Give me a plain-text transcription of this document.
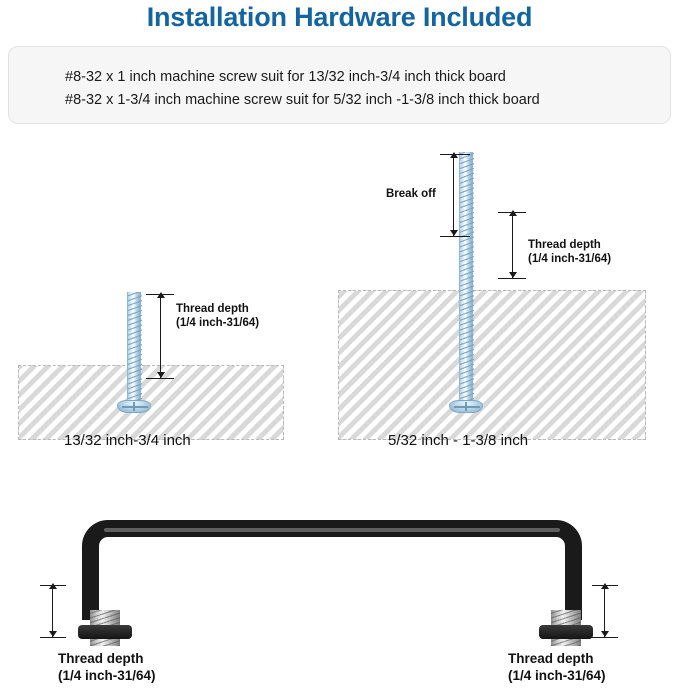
Installation Hardware Included
#8-32 x 1 inch machine screw suit for 13/32 inch-3/4 inch thick board
#8-32 x 1-3/4 inch machine screw suit for 5/32 inch -1-3/8 inch thick board
Thread depth
(1/4 inch-31/64)
13/32 inch-3/4 inch
Break off
Thread depth
(1/4 inch-31/64)
5/32 inch - 1-3/8 inch
Thread depth
(1/4 inch-31/64)
Thread depth
(1/4 inch-31/64)
